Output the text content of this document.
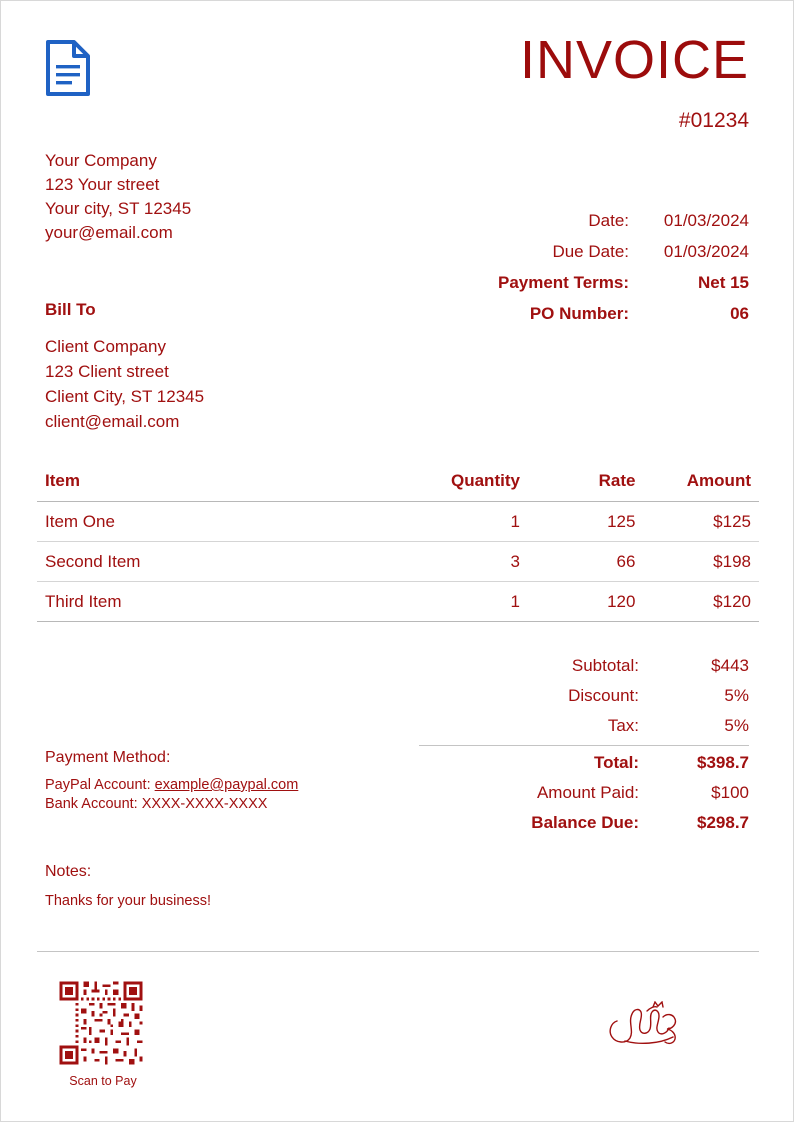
INVOICE
#01234
Your Company
123 Your street
Your city, ST 12345
your@email.com
Bill To
Client Company
123 Client street
Client City, ST 12345
client@email.com
Date:	01/03/2024
Due Date:	01/03/2024
Payment Terms:	Net 15
PO Number:	06
Item	Quantity	Rate	Amount
Item One	1	125	$125
Second Item	3	66	$198
Third Item	1	120	$120
Subtotal:	$443
Discount:	5%
Tax:	5%
Total:	$398.7
Amount Paid:	$100
Balance Due:	$298.7
Payment Method:
PayPal Account: example@paypal.com
Bank Account: XXXX-XXXX-XXXX
Notes:
Thanks for your business!
Scan to Pay
